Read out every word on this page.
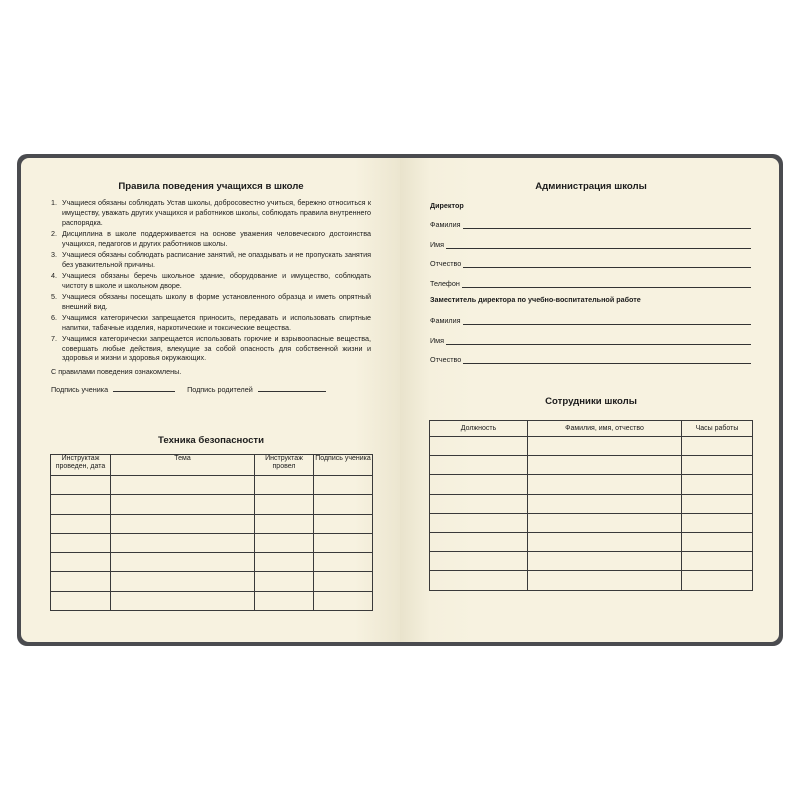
Правила поведения учащихся в школе
1. Учащиеся обязаны соблюдать Устав школы, добросовестно учиться, бережно относиться к имуществу, уважать других учащихся и работников школы, соблюдать правила внутреннего распорядка.
2. Дисциплина в школе поддерживается на основе уважения человеческого достоинства учащихся, педагогов и других работников школы.
3. Учащиеся обязаны соблюдать расписание занятий, не опаздывать и не пропускать занятия без уважительной причины.
4. Учащиеся обязаны беречь школьное здание, оборудование и имущество, соблюдать чистоту в школе и школьном дворе.
5. Учащиеся обязаны посещать школу в форме установленного образца и иметь опрятный внешний вид.
6. Учащимся категорически запрещается приносить, передавать и использовать спиртные напитки, табачные изделия, наркотические и токсические вещества.
7. Учащимся категорически запрещается использовать горючие и взрывоопасные вещества, совершать любые действия, влекущие за собой опасность для собственной жизни и здоровья и жизни и здоровья окружающих.
С правилами поведения ознакомлены.
Подпись ученика	Подпись родителей
Техника безопасности
Инструктаж проведен, дата	Тема	Инструктаж провел	Подпись ученика

Администрация школы
Директор
Фамилия
Имя
Отчество
Телефон
Заместитель директора по учебно-воспитательной работе
Фамилия
Имя
Отчество
Сотрудники школы
Должность	Фамилия, имя, отчество	Часы работы
